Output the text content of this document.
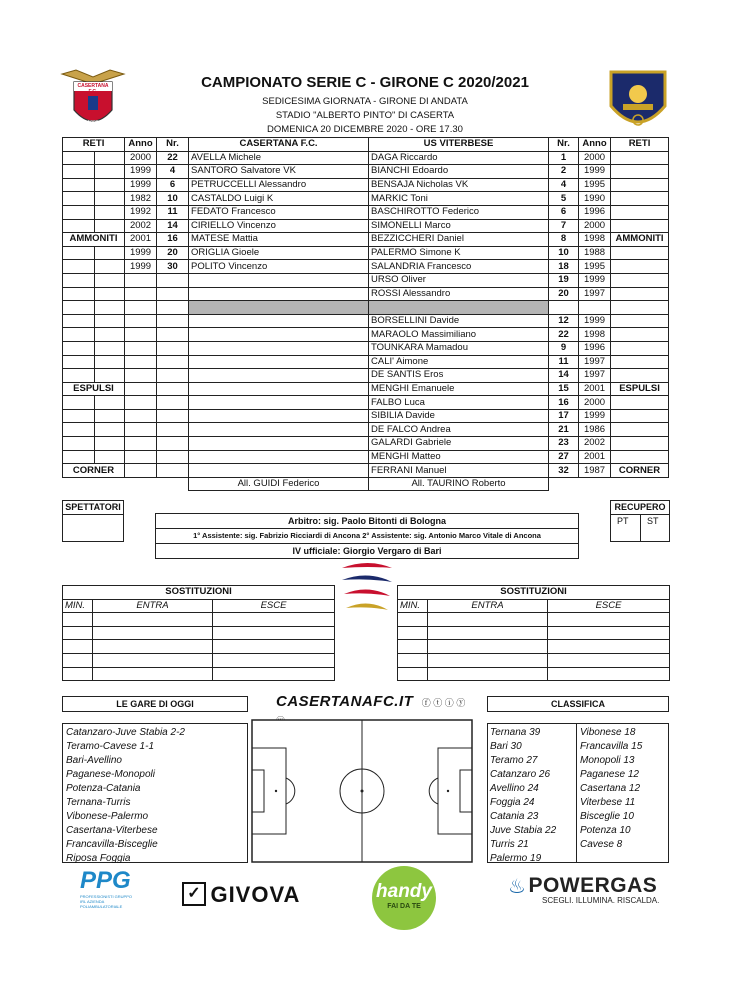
CASERTANA F.C.
1908
CAMPIONATO SERIE C - GIRONE C 2020/2021
SEDICESIMA GIORNATA - GIRONE DI ANDATA
STADIO "ALBERTO PINTO" DI CASERTA
DOMENICA 20 DICEMBRE 2020 - ORE 17.30
RETI		Anno	Nr.	CASERTANA F.C.	US VITERBESE	Nr.	Anno	RETI
		2000	22	AVELLA Michele	DAGA Riccardo	1	2000	
		1999	4	SANTORO Salvatore VK	BIANCHI Edoardo	2	1999	
		1999	6	PETRUCCELLI Alessandro	BENSAJA Nicholas VK	4	1995	
		1982	10	CASTALDO Luigi K	MARKIC Toni	5	1990	
		1992	11	FEDATO Francesco	BASCHIROTTO Federico	6	1996	
		2002	14	CIRIELLO Vincenzo	SIMONELLI Marco	7	2000	
AMMONITI		2001	16	MATESE Mattia	BEZZICCHERI Daniel	8	1998	AMMONITI
		1999	20	ORIGLIA Gioele	PALERMO Simone K	10	1988	
		1999	30	POLITO Vincenzo	SALANDRIA Francesco	18	1995	
					URSO Oliver	19	1999	
					ROSSI Alessandro	20	1997	

					BORSELLINI Davide	12	1999	
					MARAOLO Massimiliano	22	1998	
					TOUNKARA Mamadou	9	1996	
					CALI' Aimone	11	1997	
					DE SANTIS Eros	14	1997	
ESPULSI					MENGHI Emanuele	15	2001	ESPULSI
					FALBO Luca	16	2000	
					SIBILIA Davide	17	1999	
					DE FALCO Andrea	21	1986	
					GALARDI Gabriele	23	2002	
					MENGHI Matteo	27	2001	
CORNER					FERRANI Manuel	32	1987	CORNER
				All. GUIDI Federico	All. TAURINO Roberto			
SPETTATORI	RECUPERO
PT ST
Arbitro: sig. Paolo Bitonti di Bologna
1° Assistente: sig. Fabrizio Ricciardi di Ancona 2° Assistente: sig. Antonio Marco Vitale di Ancona
IV ufficiale: Giorgio Vergaro di Bari
SOSTITUZIONI		
MIN.	ENTRA	ESCE

SOSTITUZIONI		
MIN.	ENTRA	ESCE

LE GARE DI OGGI	CASERTANAFC.IT ⓕ ⓣ ⓘ ⓨ	CLASSIFICA
Catanzaro-Juve Stabia 2-2
Teramo-Cavese 1-1
Bari-Avellino
Paganese-Monopoli
Potenza-Catania
Ternana-Turris
Vibonese-Palermo
Casertana-Viterbese
Francavilla-Bisceglie
Riposa Foggia
Ternana 39
Bari 30
Teramo 27
Catanzaro 26
Avellino 24
Foggia 24
Catania 23
Juve Stabia 22
Turris 21
Palermo 19
Vibonese 18
Francavilla 15
Monopoli 13
Paganese 12
Casertana 12
Viterbese 11
Bisceglie 10
Potenza 10
Cavese 8
PPG
PROFESSIONISTI GRUPPO IRL AZIENDA POLIAMBULATORIALE
✓ GIVOVA	handy
FAI DA TE
♨ POWERGAS
SCEGLI. ILLUMINA. RISCALDA.
